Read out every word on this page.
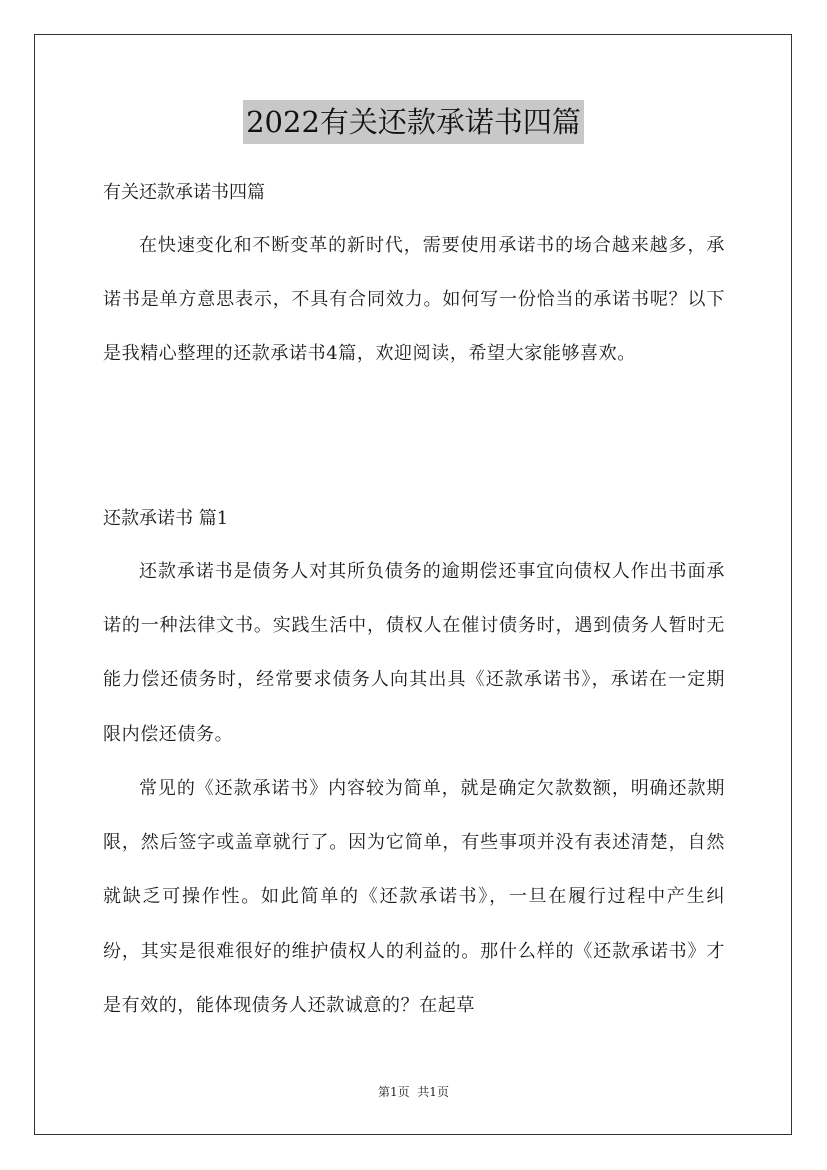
2022有关还款承诺书四篇
有关还款承诺书四篇

在快速变化和不断变革的新时代，需要使用承诺书的场合越来越多，承诺书是单方意思表示，不具有合同效力。如何写一份恰当的承诺书呢？以下是我精心整理的还款承诺书4篇，欢迎阅读，希望大家能够喜欢。

还款承诺书 篇1

还款承诺书是债务人对其所负债务的逾期偿还事宜向债权人作出书面承诺的一种法律文书。实践生活中，债权人在催讨债务时，遇到债务人暂时无能力偿还债务时，经常要求债务人向其出具《还款承诺书》，承诺在一定期限内偿还债务。

常见的《还款承诺书》内容较为简单，就是确定欠款数额，明确还款期限，然后签字或盖章就行了。因为它简单，有些事项并没有表述清楚，自然就缺乏可操作性。如此简单的《还款承诺书》，一旦在履行过程中产生纠纷，其实是很难很好的维护债权人的利益的。那什么样的《还款承诺书》才是有效的，能体现债务人还款诚意的？在起草

第1页  共1页
